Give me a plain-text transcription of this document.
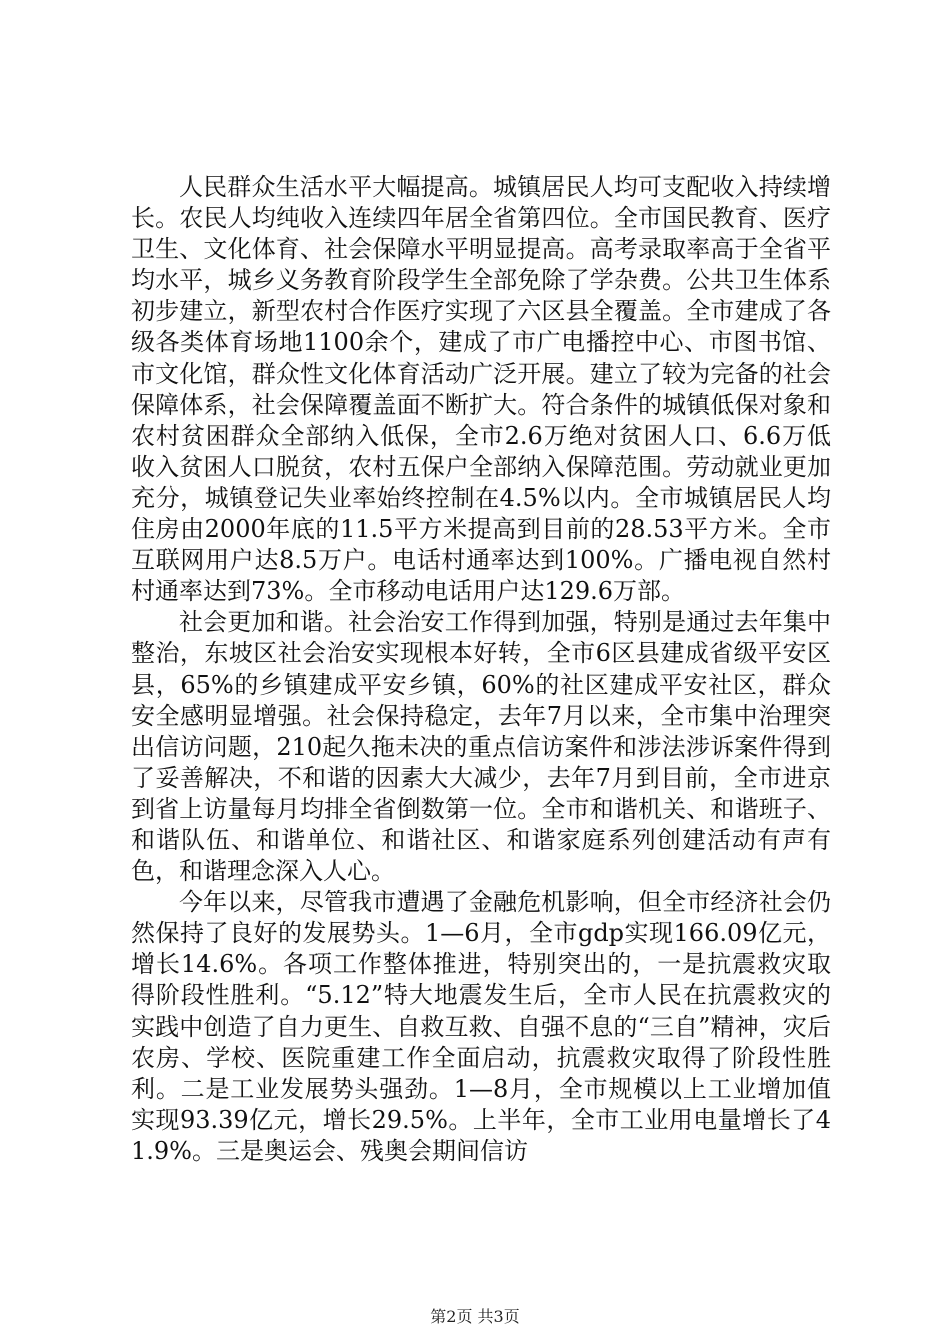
人民群众生活水平大幅提高。城镇居民人均可支配收入持续增长。农民人均纯收入连续四年居全省第四位。全市国民教育、医疗卫生、文化体育、社会保障水平明显提高。高考录取率高于全省平均水平，城乡义务教育阶段学生全部免除了学杂费。公共卫生体系初步建立，新型农村合作医疗实现了六区县全覆盖。全市建成了各级各类体育场地1100余个，建成了市广电播控中心、市图书馆、市文化馆，群众性文化体育活动广泛开展。建立了较为完备的社会保障体系，社会保障覆盖面不断扩大。符合条件的城镇低保对象和农村贫困群众全部纳入低保，全市2.6万绝对贫困人口、6.6万低收入贫困人口脱贫，农村五保户全部纳入保障范围。劳动就业更加充分，城镇登记失业率始终控制在4.5%以内。全市城镇居民人均住房由2000年底的11.5平方米提高到目前的28.53平方米。全市互联网用户达8.5万户。电话村通率达到100%。广播电视自然村村通率达到73%。全市移动电话用户达129.6万部。

社会更加和谐。社会治安工作得到加强，特别是通过去年集中整治，东坡区社会治安实现根本好转，全市6区县建成省级平安区县，65%的乡镇建成平安乡镇，60%的社区建成平安社区，群众安全感明显增强。社会保持稳定，去年7月以来，全市集中治理突出信访问题，210起久拖未决的重点信访案件和涉法涉诉案件得到了妥善解决，不和谐的因素大大减少，去年7月到目前，全市进京到省上访量每月均排全省倒数第一位。全市和谐机关、和谐班子、和谐队伍、和谐单位、和谐社区、和谐家庭系列创建活动有声有色，和谐理念深入人心。

今年以来，尽管我市遭遇了金融危机影响，但全市经济社会仍然保持了良好的发展势头。1—6月，全市gdp实现166.09亿元，增长14.6%。各项工作整体推进，特别突出的，一是抗震救灾取得阶段性胜利。“5.12”特大地震发生后，全市人民在抗震救灾的实践中创造了自力更生、自救互救、自强不息的“三自”精神，灾后农房、学校、医院重建工作全面启动，抗震救灾取得了阶段性胜利。二是工业发展势头强劲。1—8月，全市规模以上工业增加值实现93.39亿元，增长29.5%。上半年，全市工业用电量增长了41.9%。三是奥运会、残奥会期间信访

第2页 共3页
